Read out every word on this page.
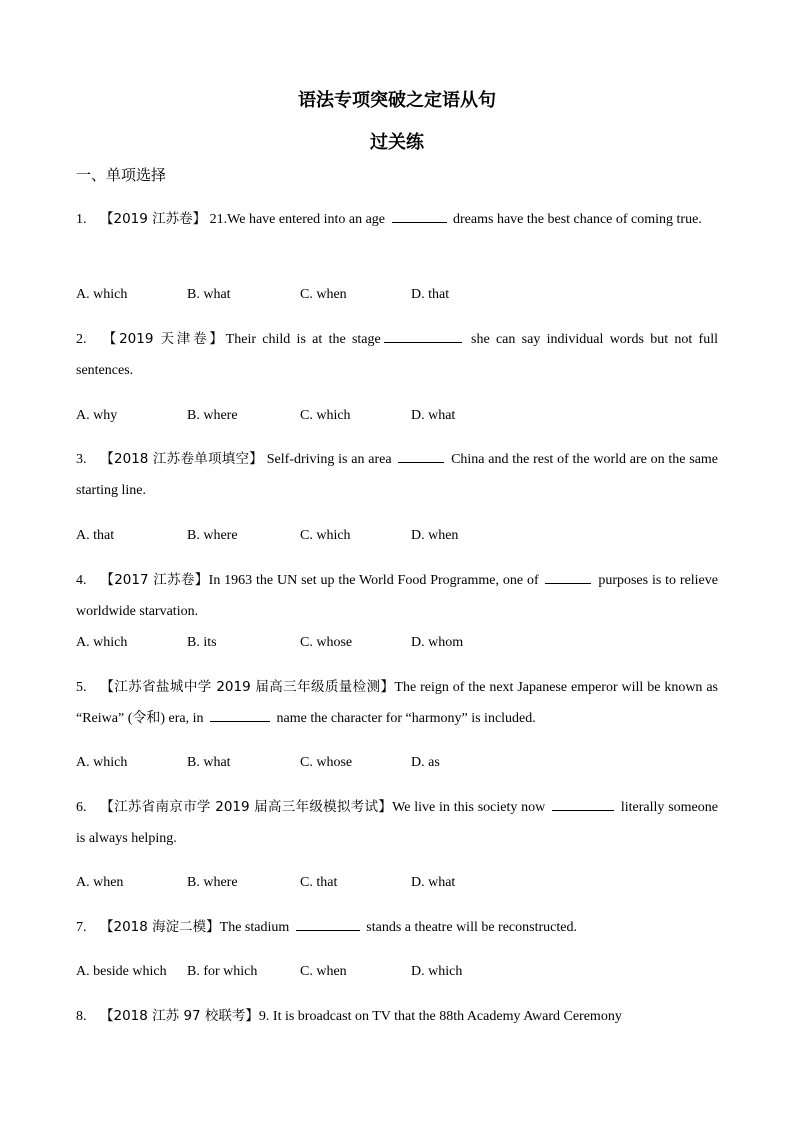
语法专项突破之定语从句
过关练
一、单项选择
1. 【2019 江苏卷】 21.We have entered into an age	dreams have the best chance of coming true.
A. which	B. what	C. when	D. that
2. 【2019 天津卷】Their child is at the stage	she can say individual words but not full sentences.
A. why	B. where	C. which	D. what
3. 【2018 江苏卷单项填空】 Self-driving is an area	China and the rest of the world are on the same starting line.
A. that	B. where	C. which	D. when
4. 【2017 江苏卷】In 1963 the UN set up the World Food Programme, one of	purposes is to relieve worldwide starvation.
A. which	B. its	C. whose	D. whom
5. 【江苏省盐城中学 2019 届高三年级质量检测】The reign of the next Japanese emperor will be known as “Reiwa” (令和) era, in	name the character for “harmony” is included.
A. which	B. what	C. whose	D. as
6. 【江苏省南京市学 2019 届高三年级模拟考试】We live in this society now	literally someone is always helping.
A. when	B. where	C. that	D. what
7. 【2018 海淀二模】The stadium	stands a theatre will be reconstructed.
A. beside which B. for which	C. when	D. which
8. 【2018 江苏 97 校联考】9. It is broadcast on TV that the 88th Academy Award Ceremony
